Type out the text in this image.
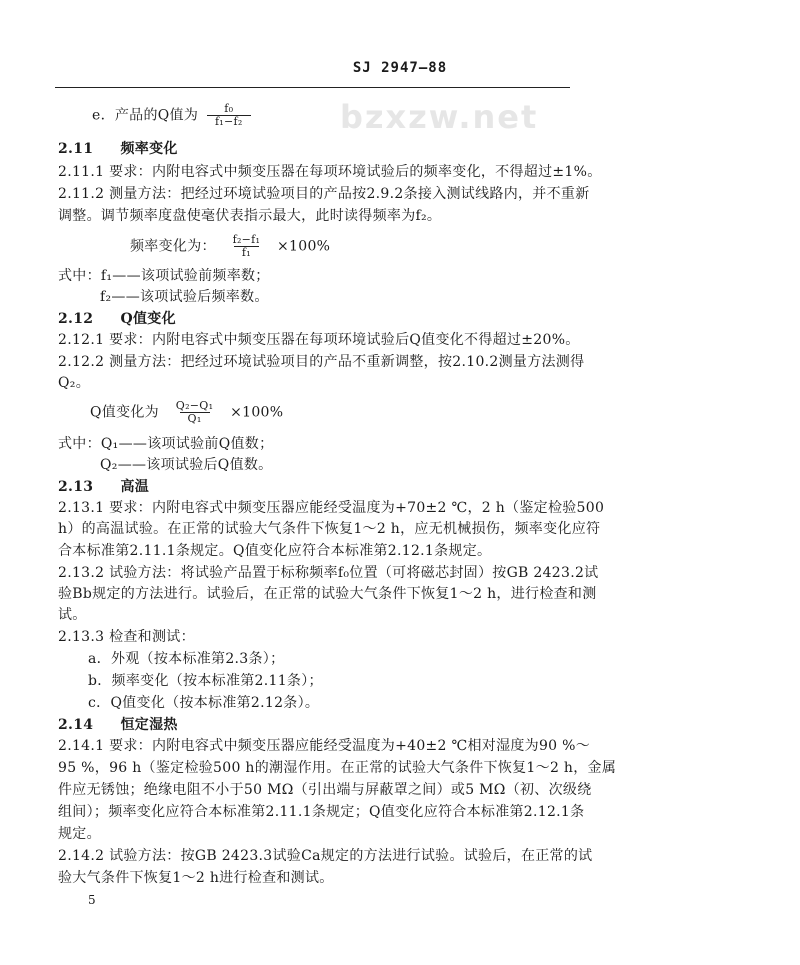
bzxzw.net
SJ 2947—88
e．产品的Q值为 $\frac{\text{f₀}}{\text{f₁−f₂}}$
2.11 频率变化
2.11.1 要求：内附电容式中频变压器在每项环境试验后的频率变化，不得超过±1%。
2.11.2 测量方法：把经过环境试验项目的产品按2.9.2条接入测试线路内，并不重新
调整。调节频率度盘使毫伏表指示最大，此时读得频率为f₂。
频率变化为： $\frac{\text{f₂−f₁}}{\text{f₁}} \times 100\%$
式中：f₁——该项试验前频率数；
f₂——该项试验后频率数。
2.12 Q值变化
2.12.1 要求：内附电容式中频变压器在每项环境试验后Q值变化不得超过±20%。
2.12.2 测量方法：把经过环境试验项目的产品不重新调整，按2.10.2测量方法测得
Q₂。
Q值变化为 $\frac{\text{Q₂−Q₁}}{\text{Q₁}} \times 100\%$
式中：Q₁——该项试验前Q值数；
Q₂——该项试验后Q值数。
2.13 高温
2.13.1 要求：内附电容式中频变压器应能经受温度为+70±2 ℃，2 h（鉴定检验500
h）的高温试验。在正常的试验大气条件下恢复1～2 h，应无机械损伤，频率变化应符
合本标准第2.11.1条规定。Q值变化应符合本标准第2.12.1条规定。
2.13.2 试验方法：将试验产品置于标称频率f₀位置（可将磁芯封固）按GB 2423.2试
验Bb规定的方法进行。试验后，在正常的试验大气条件下恢复1～2 h，进行检查和测
试。
2.13.3 检查和测试：
a．外观（按本标准第2.3条）；
b．频率变化（按本标准第2.11条）；
c．Q值变化（按本标准第2.12条）。
2.14 恒定湿热
2.14.1 要求：内附电容式中频变压器应能经受温度为+40±2 ℃相对湿度为90 %～
95 %，96 h（鉴定检验500 h的潮湿作用。在正常的试验大气条件下恢复1～2 h，金属
件应无锈蚀；绝缘电阻不小于50 MΩ（引出端与屏蔽罩之间）或5 MΩ（初、次级绕
组间）；频率变化应符合本标准第2.11.1条规定；Q值变化应符合本标准第2.12.1条
规定。
2.14.2 试验方法：按GB 2423.3试验Ca规定的方法进行试验。试验后，在正常的试
验大气条件下恢复1～2 h进行检查和测试。
5
